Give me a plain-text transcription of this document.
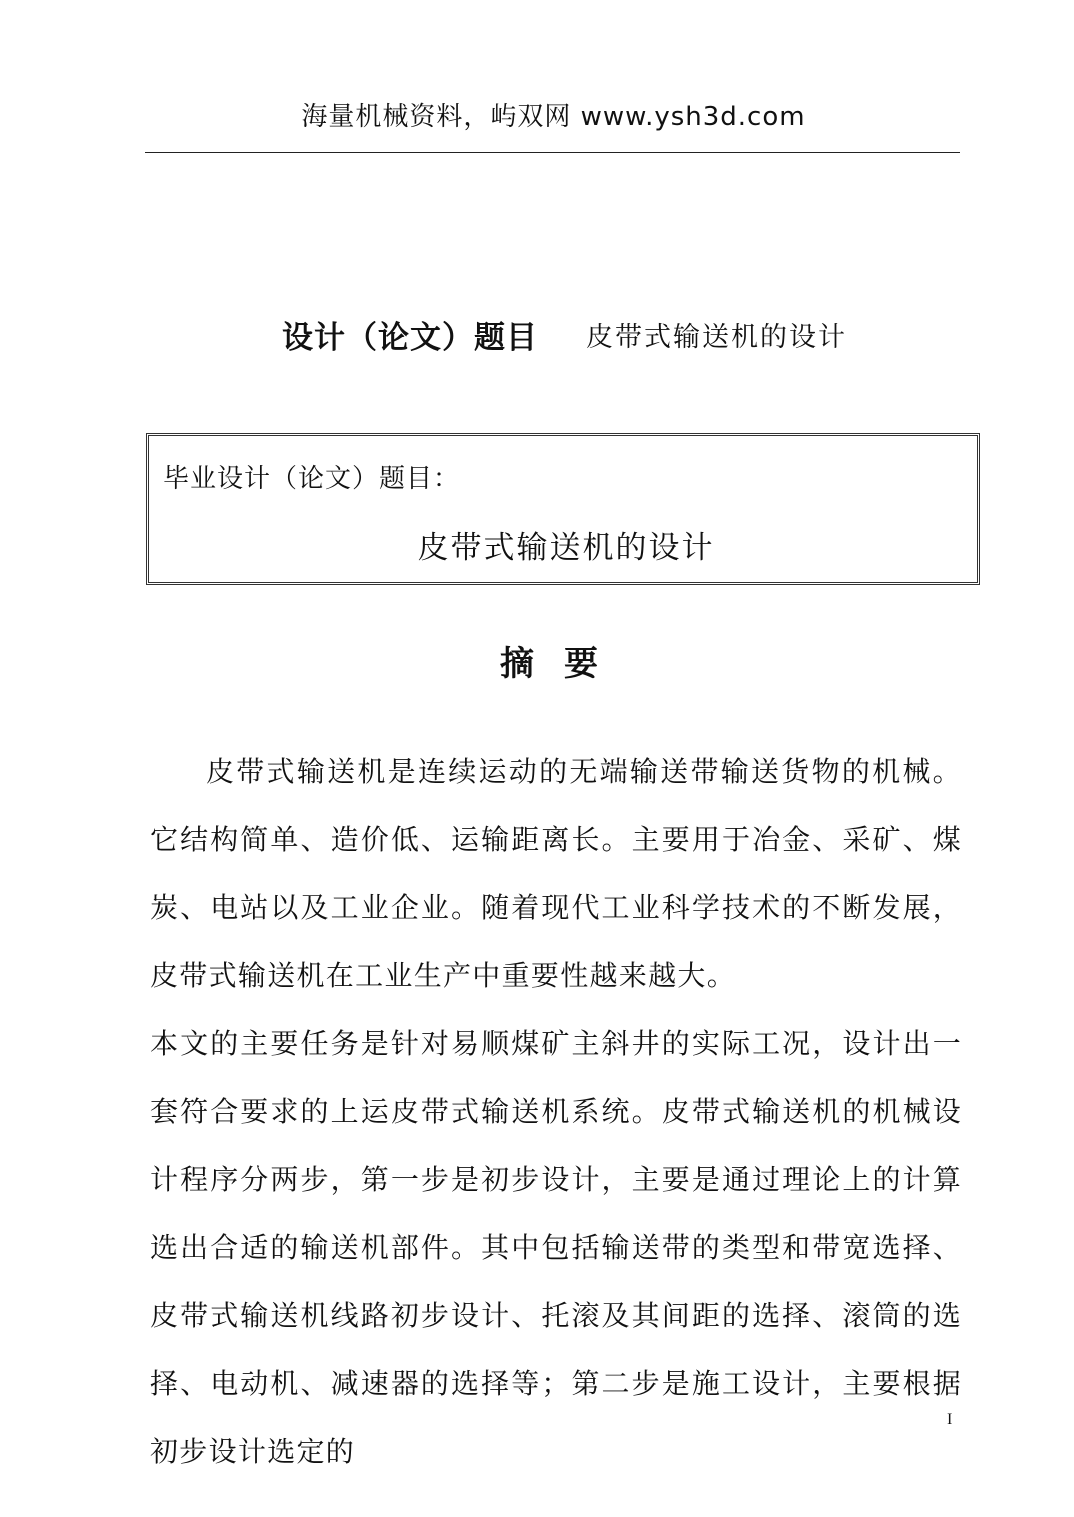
海量机械资料，屿双网 www.ysh3d.com
设计（论文）题目 皮带式输送机的设计
毕业设计（论文）题目：
皮带式输送机的设计
摘要

皮带式输送机是连续运动的无端输送带输送货物的机械。它结构简单、造价低、运输距离长。主要用于冶金、采矿、煤炭、电站以及工业企业。随着现代工业科学技术的不断发展，皮带式输送机在工业生产中重要性越来越大。

本文的主要任务是针对易顺煤矿主斜井的实际工况，设计出一套符合要求的上运皮带式输送机系统。皮带式输送机的机械设计程序分两步，第一步是初步设计，主要是通过理论上的计算选出合适的输送机部件。其中包括输送带的类型和带宽选择、皮带式输送机线路初步设计、托滚及其间距的选择、滚筒的选择、电动机、减速器的选择等；第二步是施工设计，主要根据初步设计选定的

I
